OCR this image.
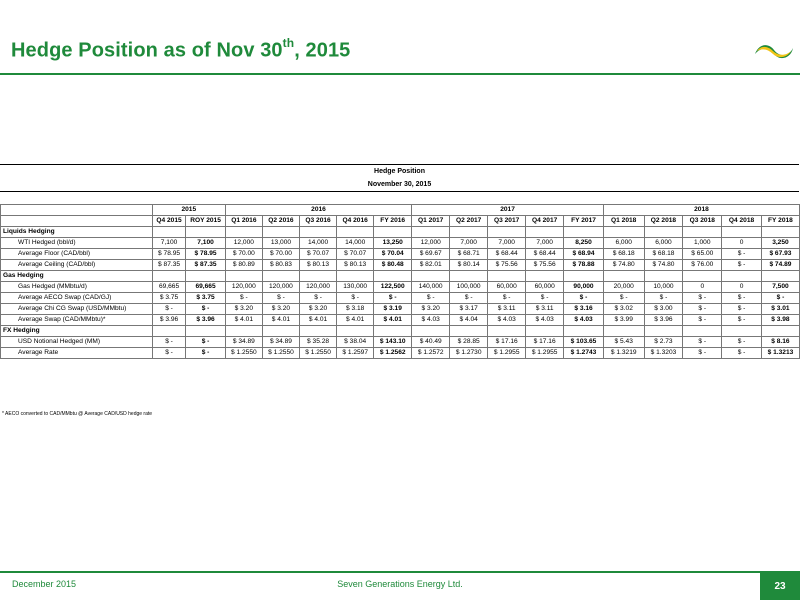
Hedge Position as of Nov 30th, 2015
Hedge Position
November 30, 2015
	2015		2016					2017					2018				
	Q4 2015	ROY 2015	Q1 2016	Q2 2016	Q3 2016	Q4 2016	FY 2016	Q1 2017	Q2 2017	Q3 2017	Q4 2017	FY 2017	Q1 2018	Q2 2018	Q3 2018	Q4 2018	FY 2018
Liquids Hedging																	
WTI Hedged (bbl/d)	7,100	7,100	12,000	13,000	14,000	14,000	13,250	12,000	7,000	7,000	7,000	8,250	6,000	6,000	1,000	0	3,250
Average Floor (CAD/bbl)	$ 78.95	$ 78.95	$ 70.00	$ 70.00	$ 70.07	$ 70.07	$ 70.04	$ 69.67	$ 68.71	$ 68.44	$ 68.44	$ 68.94	$ 68.18	$ 68.18	$ 65.00	$ -	$ 67.93
Average Ceiling (CAD/bbl)	$ 87.35	$ 87.35	$ 80.89	$ 80.83	$ 80.13	$ 80.13	$ 80.48	$ 82.01	$ 80.14	$ 75.56	$ 75.56	$ 78.88	$ 74.80	$ 74.80	$ 76.00	$ -	$ 74.89
Gas Hedging																	
Gas Hedged (MMbtu/d)	69,665	69,665	120,000	120,000	120,000	130,000	122,500	140,000	100,000	60,000	60,000	90,000	20,000	10,000	0	0	7,500
Average AECO Swap (CAD/GJ)	$ 3.75	$ 3.75	$ -	$ -	$ -	$ -	$ -	$ -	$ -	$ -	$ -	$ -	$ -	$ -	$ -	$ -	$ -
Average Chi CG Swap (USD/MMbtu)	$ -	$ -	$ 3.20	$ 3.20	$ 3.20	$ 3.18	$ 3.19	$ 3.20	$ 3.17	$ 3.11	$ 3.11	$ 3.16	$ 3.02	$ 3.00	$ -	$ -	$ 3.01
Average Swap (CAD/MMbtu)*	$ 3.96	$ 3.96	$ 4.01	$ 4.01	$ 4.01	$ 4.01	$ 4.01	$ 4.03	$ 4.04	$ 4.03	$ 4.03	$ 4.03	$ 3.99	$ 3.96	$ -	$ -	$ 3.98
FX Hedging																	
USD Notional Hedged (MM)	$ -	$ -	$ 34.89	$ 34.89	$ 35.28	$ 38.04	$ 143.10	$ 40.49	$ 28.85	$ 17.16	$ 17.16	$ 103.65	$ 5.43	$ 2.73	$ -	$ -	$ 8.16
Average Rate	$ -	$ -	$ 1.2550	$ 1.2550	$ 1.2550	$ 1.2597	$ 1.2562	$ 1.2572	$ 1.2730	$ 1.2955	$ 1.2955	$ 1.2743	$ 1.3219	$ 1.3203	$ -	$ -	$ 1.3213
* AECO converted to CAD/MMbtu @ Average CAD/USD hedge rate
December 2015	Seven Generations Energy Ltd.	23
